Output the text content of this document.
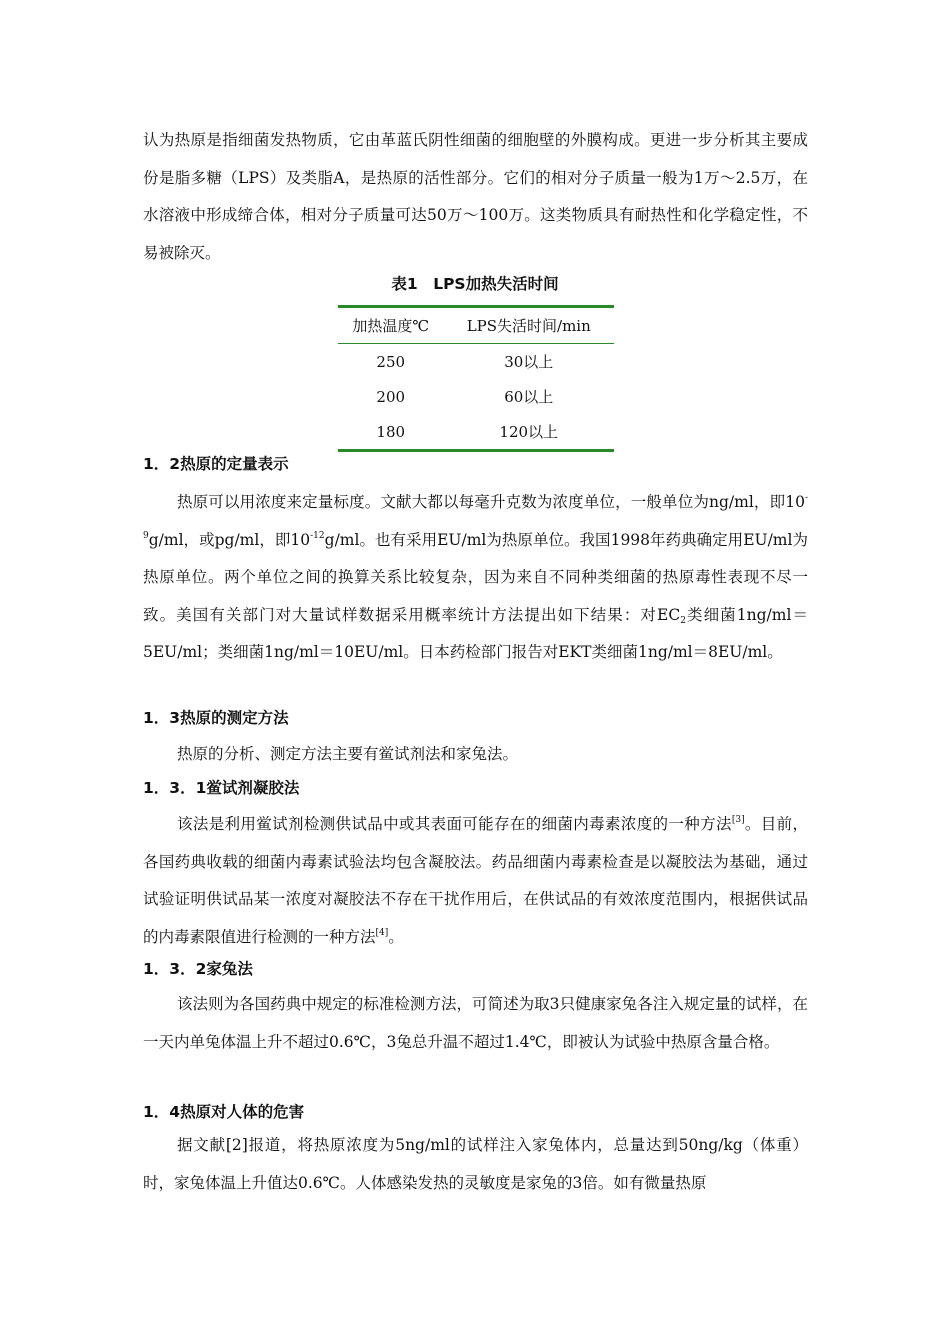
认为热原是指细菌发热物质，它由革蓝氏阴性细菌的细胞壁的外膜构成。更进一步分析其主要成份是脂多糖（LPS）及类脂A，是热原的活性部分。它们的相对分子质量一般为1万～2.5万，在水溶液中形成缔合体，相对分子质量可达50万～100万。这类物质具有耐热性和化学稳定性，不易被除灭。

表1　LPS加热失活时间
加热温度℃	LPS失活时间/min
250	30以上
200	60以上
180	120以上
1．2热原的定量表示

热原可以用浓度来定量标度。文献大都以每毫升克数为浓度单位，一般单位为ng/ml，即$10^{-9}g/ml$，或pg/ml，即$10^{-12}g/ml$。也有采用EU/ml为热原单位。我国1998年药典确定用EU/ml为热原单位。两个单位之间的换算关系比较复杂，因为来自不同种类细菌的热原毒性表现不尽一致。美国有关部门对大量试样数据采用概率统计方法提出如下结果：对$EC_2$类细菌1ng/ml＝5EU/ml；类细菌1ng/ml＝10EU/ml。日本药检部门报告对EKT类细菌1ng/ml＝8EU/ml。

1．3热原的测定方法

热原的分析、测定方法主要有鲎试剂法和家兔法。

1．3．1鲎试剂凝胶法

该法是利用鲎试剂检测供试品中或其表面可能存在的细菌内毒素浓度的一种方法[3]。目前，各国药典收载的细菌内毒素试验法均包含凝胶法。药品细菌内毒素检查是以凝胶法为基础，通过试验证明供试品某一浓度对凝胶法不存在干扰作用后，在供试品的有效浓度范围内，根据供试品的内毒素限值进行检测的一种方法[4]。

1．3．2家兔法

该法则为各国药典中规定的标准检测方法，可简述为取3只健康家兔各注入规定量的试样，在一天内单兔体温上升不超过0.6℃，3兔总升温不超过1.4℃，即被认为试验中热原含量合格。

1．4热原对人体的危害

据文献[2]报道，将热原浓度为5ng/ml的试样注入家兔体内，总量达到50ng/kg（体重）时，家兔体温上升值达0.6℃。人体感染发热的灵敏度是家兔的3倍。如有微量热原
